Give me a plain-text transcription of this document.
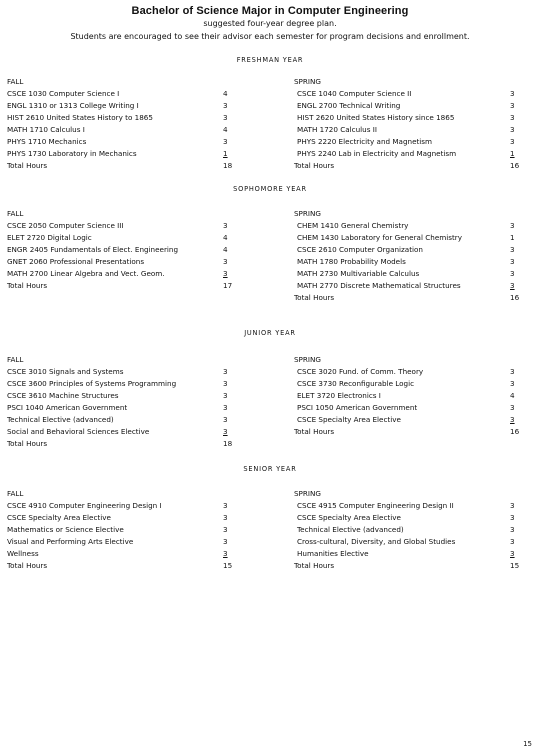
Bachelor of Science Major in Computer Engineering
suggested four-year degree plan.
Students are encouraged to see their advisor each semester for program decisions and enrollment.
FRESHMAN YEAR
FALL
CSCE 1030 Computer Science I	4
ENGL 1310 or 1313 College Writing I	3
HIST 2610 United States History to 1865	3
MATH 1710 Calculus I	4
PHYS 1710 Mechanics	3
PHYS 1730 Laboratory in Mechanics	1
Total Hours	18
SPRING
CSCE 1040 Computer Science II	3
ENGL 2700 Technical Writing	3
HIST 2620 United States History since 1865	3
MATH 1720 Calculus II	3
PHYS 2220 Electricity and Magnetism	3
PHYS 2240 Lab in Electricity and Magnetism	1
Total Hours	16
SOPHOMORE YEAR
FALL
CSCE 2050 Computer Science III	3
ELET 2720 Digital Logic	4
ENGR 2405 Fundamentals of Elect. Engineering	4
GNET 2060 Professional Presentations	3
MATH 2700 Linear Algebra and Vect. Geom.	3
Total Hours	17
SPRING
CHEM 1410 General Chemistry	3
CHEM 1430 Laboratory for General Chemistry	1
CSCE 2610 Computer Organization	3
MATH 1780 Probability Models	3
MATH 2730 Multivariable Calculus	3
MATH 2770 Discrete Mathematical Structures	3
Total Hours	16
JUNIOR YEAR
FALL
CSCE 3010 Signals and Systems	3
CSCE 3600 Principles of Systems Programming	3
CSCE 3610 Machine Structures	3
PSCI 1040 American Government	3
Technical Elective (advanced)	3
Social and Behavioral Sciences Elective	3
Total Hours	18
SPRING
CSCE 3020 Fund. of Comm. Theory	3
CSCE 3730 Reconfigurable Logic	3
ELET 3720 Electronics I	4
PSCI 1050 American Government	3
CSCE Specialty Area Elective	3
Total Hours	16
SENIOR YEAR
FALL
CSCE 4910 Computer Engineering Design I	3
CSCE Specialty Area Elective	3
Mathematics or Science Elective	3
Visual and Performing Arts Elective	3
Wellness	3
Total Hours	15
SPRING
CSCE 4915 Computer Engineering Design II	3
CSCE Specialty Area Elective	3
Technical Elective (advanced)	3
Cross-cultural, Diversity, and Global Studies	3
Humanities Elective	3
Total Hours	15
15
